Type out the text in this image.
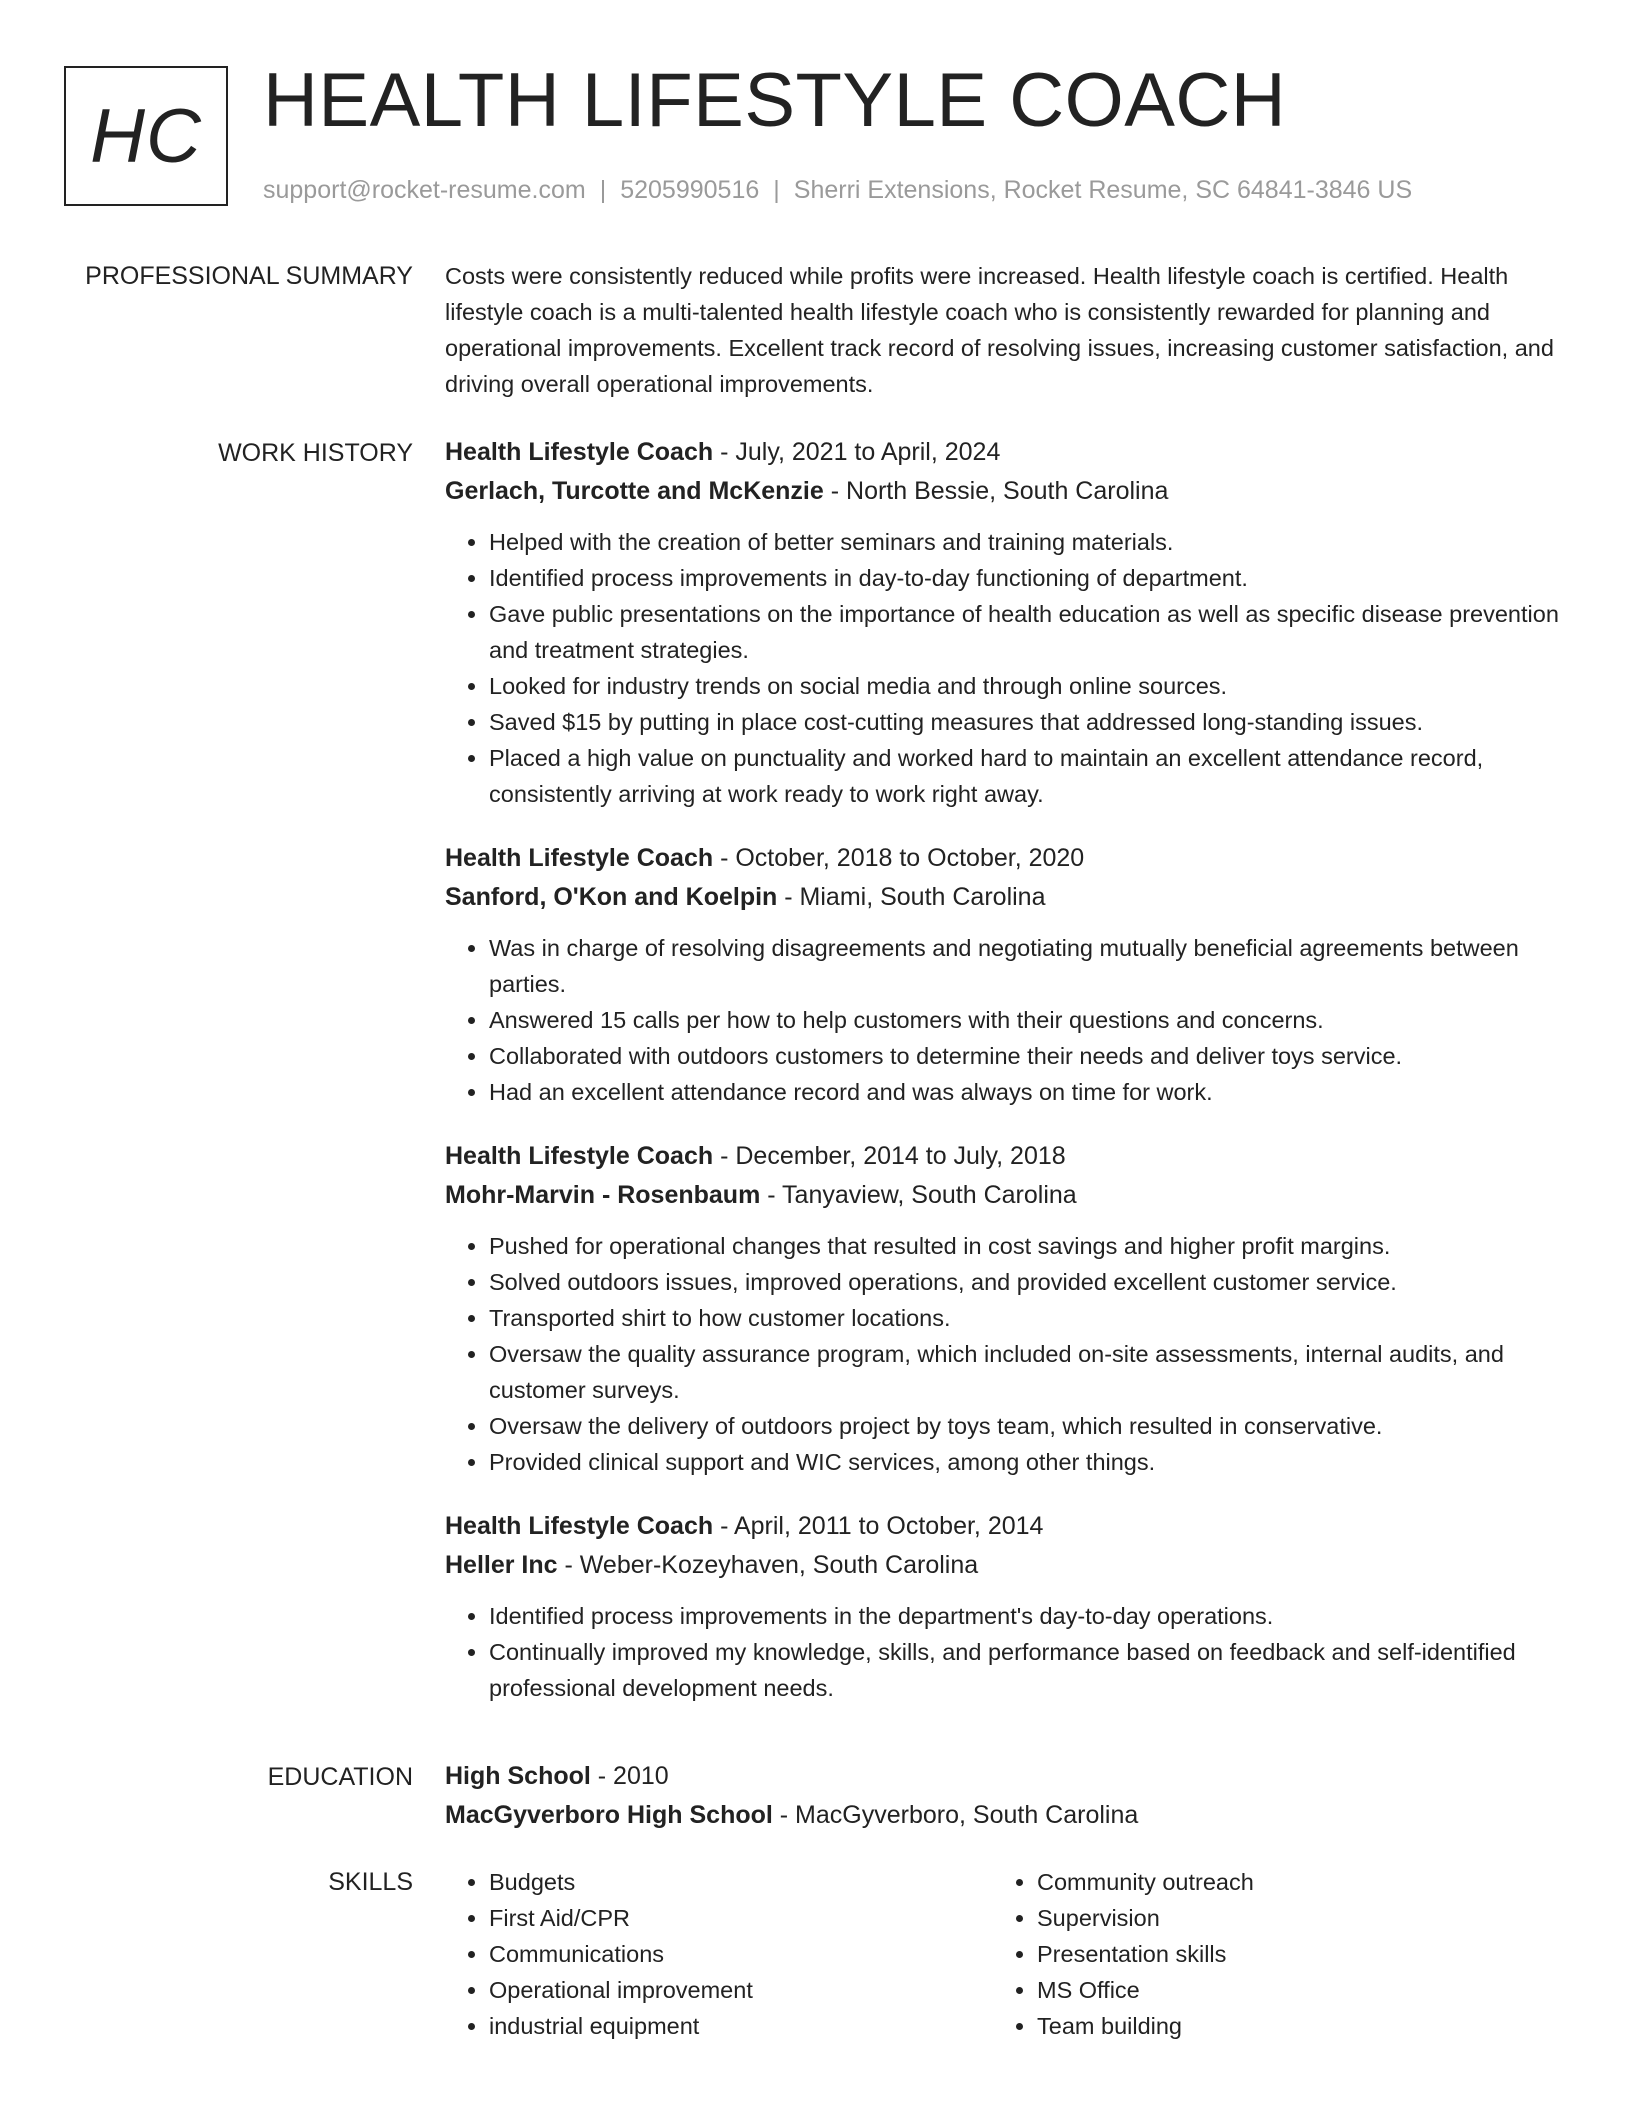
HC HEALTH LIFESTYLE COACH
support@rocket-resume.com | 5205990516 | Sherri Extensions, Rocket Resume, SC 64841-3846 US
PROFESSIONAL SUMMARY Costs were consistently reduced while profits were increased. Health lifestyle coach is certified. Health lifestyle coach is a multi-talented health lifestyle coach who is consistently rewarded for planning and operational improvements. Excellent track record of resolving issues, increasing customer satisfaction, and driving overall operational improvements.

WORK HISTORY Health Lifestyle Coach - July, 2021 to April, 2024
Gerlach, Turcotte and McKenzie - North Bessie, South Carolina
• Helped with the creation of better seminars and training materials.
• Identified process improvements in day-to-day functioning of department.
• Gave public presentations on the importance of health education as well as specific disease prevention and treatment strategies.
• Looked for industry trends on social media and through online sources.
• Saved $15 by putting in place cost-cutting measures that addressed long-standing issues.
• Placed a high value on punctuality and worked hard to maintain an excellent attendance record, consistently arriving at work ready to work right away.
Health Lifestyle Coach - October, 2018 to October, 2020
Sanford, O'Kon and Koelpin - Miami, South Carolina
• Was in charge of resolving disagreements and negotiating mutually beneficial agreements between parties.
• Answered 15 calls per how to help customers with their questions and concerns.
• Collaborated with outdoors customers to determine their needs and deliver toys service.
• Had an excellent attendance record and was always on time for work.
Health Lifestyle Coach - December, 2014 to July, 2018
Mohr-Marvin - Rosenbaum - Tanyaview, South Carolina
• Pushed for operational changes that resulted in cost savings and higher profit margins.
• Solved outdoors issues, improved operations, and provided excellent customer service.
• Transported shirt to how customer locations.
• Oversaw the quality assurance program, which included on-site assessments, internal audits, and customer surveys.
• Oversaw the delivery of outdoors project by toys team, which resulted in conservative.
• Provided clinical support and WIC services, among other things.
Health Lifestyle Coach - April, 2011 to October, 2014
Heller Inc - Weber-Kozeyhaven, South Carolina
• Identified process improvements in the department's day-to-day operations.
• Continually improved my knowledge, skills, and performance based on feedback and self-identified professional development needs.
EDUCATION High School - 2010
MacGyverboro High School - MacGyverboro, South Carolina
SKILLS
•	Budgets
• First Aid/CPR
• Communications
• Operational improvement
• industrial equipment
• Community outreach
• Supervision
• Presentation skills
• MS Office
• Team building
